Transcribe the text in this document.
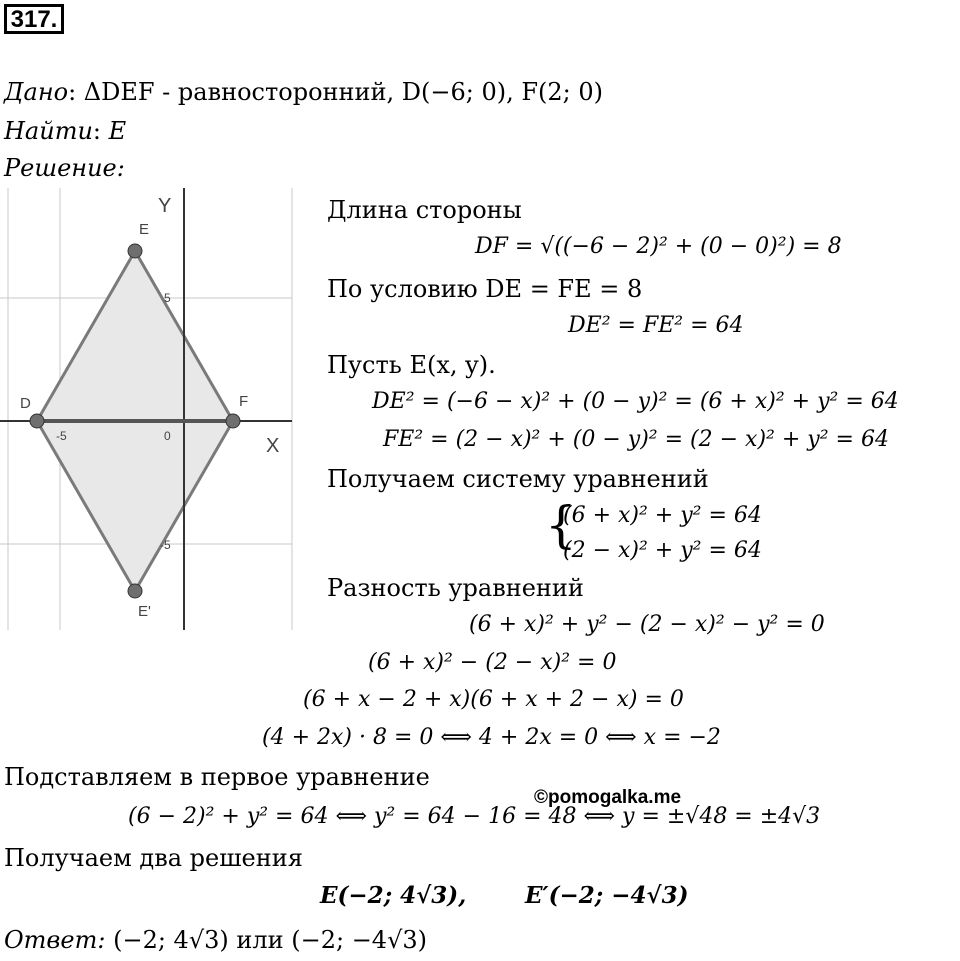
317.
Дано: ΔDEF - равносторонний, D(−6; 0), F(2; 0)
Найти: E
Решение:
Y
X
D
E
F
E'
5
-5	0
-5
Длина стороны
DF = √((−6 − 2)² + (0 − 0)²) = 8
По условию DE = FE = 8
DE² = FE² = 64
Пусть E(x, y).
DE² = (−6 − x)² + (0 − y)² = (6 + x)² + y² = 64
FE² = (2 − x)² + (0 − y)² = (2 − x)² + y² = 64
Получаем систему уравнений
{
(6 + x)² + y² = 64
(2 − x)² + y² = 64
Разность уравнений
(6 + x)² + y² − (2 − x)² − y² = 0
(6 + x)² − (2 − x)² = 0
(6 + x − 2 + x)(6 + x + 2 − x) = 0
(4 + 2x) · 8 = 0 ⟺ 4 + 2x = 0 ⟺ x = −2
Подставляем в первое уравнение
©pomogalka.me
(6 − 2)² + y² = 64 ⟺ y² = 64 − 16 = 48 ⟺ y = ±√48 = ±4√3
Получаем два решения
E(−2; 4√3),	E′(−2; −4√3)
Ответ: (−2; 4√3) или (−2; −4√3)
